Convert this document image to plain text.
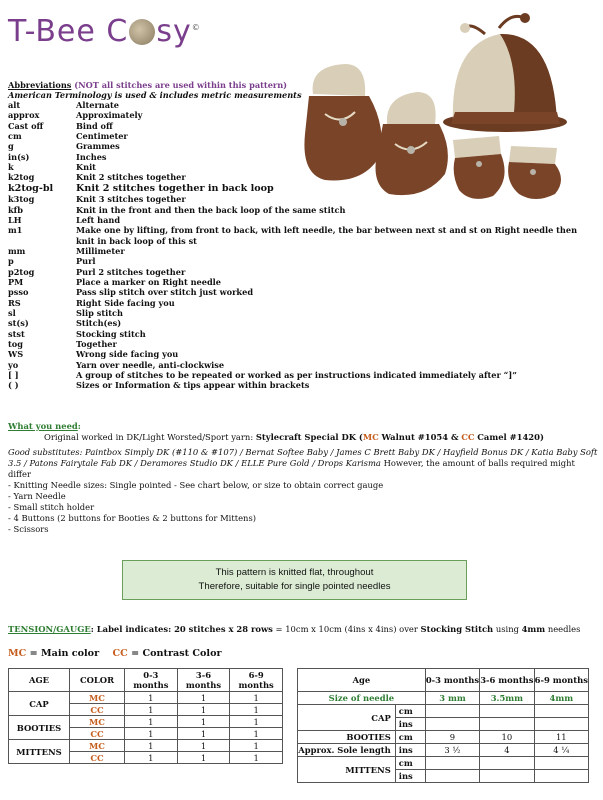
T-Bee C sy©
Abbreviations (NOT all stitches are used within this pattern)
American Terminology is used & includes metric measurements
alt	Alternate
approx	Approximately
Cast off	Bind off
cm	Centimeter
g	Grammes
in(s)	Inches
k	Knit
k2tog	Knit 2 stitches together
k2tog-bl	Knit 2 stitches together in back loop
k3tog	Knit 3 stitches together
kfb	Knit in the front and then the back loop of the same stitch
LH	Left hand
m1	Make one by lifting, from front to back, with left needle, the bar between next st and st on Right needle then knit in back loop of this st
mm	Millimeter
p	Purl
p2tog	Purl 2 stitches together
PM	Place a marker on Right needle
psso	Pass slip stitch over stitch just worked
RS	Right Side facing you
sl	Slip stitch
st(s)	Stitch(es)
stst	Stocking stitch
tog	Together
WS	Wrong side facing you
yo	Yarn over needle, anti-clockwise
[ ]	A group of stitches to be repeated or worked as per instructions indicated immediately after “]”
( )	Sizes or Information & tips appear within brackets
What you need:
Original worked in DK/Light Worsted/Sport yarn: Stylecraft Special DK (MC Walnut #1054 & CC Camel #1420)
Good substitutes: Paintbox Simply DK (#110 & #107) / Bernat Softee Baby / James C Brett Baby DK / Hayfield Bonus DK / Katia Baby Soft 3.5 / Patons Fairytale Fab DK / Deramores Studio DK / ELLE Pure Gold / Drops Karisma However, the amount of balls required might differ
- Knitting Needle sizes: Single pointed - See chart below, or size to obtain correct gauge
- Yarn Needle
- Small stitch holder
- 4 Buttons (2 buttons for Booties & 2 buttons for Mittens)
- Scissors
This pattern is knitted flat, throughout
Therefore, suitable for single pointed needles
TENSION/GAUGE: Label indicates: 20 stitches x 28 rows = 10cm x 10cm (4ins x 4ins) over Stocking Stitch using 4mm needles
MC = Main color CC = Contrast Color
AGE	COLOR	0-3 months	3-6 months	6-9 months
CAP	MC	1	1	1
	CC	1	1	1
BOOTIES	MC	1	1	1
	CC	1	1	1
MITTENS	MC	1	1	1
	CC	1	1	1
Age		0-3 months	3-6 months	6-9 months
Size of needle		3 mm	3.5mm	4mm
CAP	cm			
	ins			
BOOTIES	cm	9	10	11
Approx. Sole length	ins	3 ½	4	4 ¼
MITTENS	cm			
	ins			
